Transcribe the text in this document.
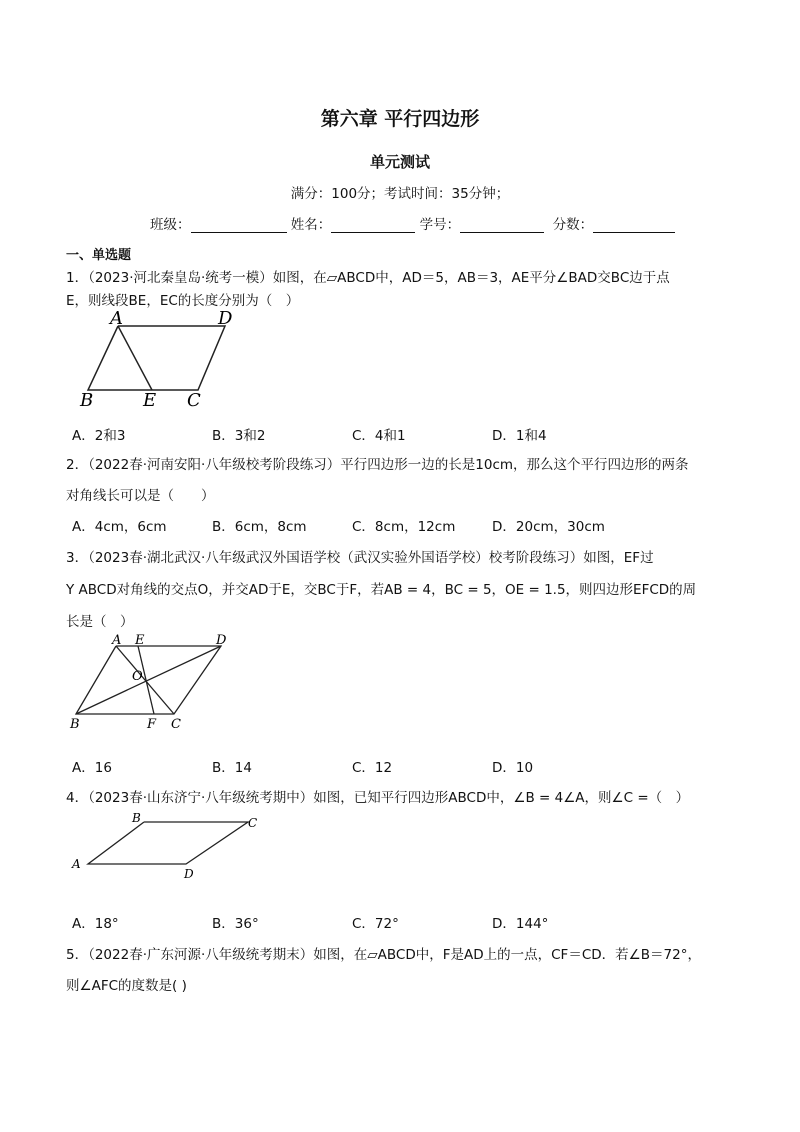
第六章 平行四边形
单元测试
满分：100分；考试时间：35分钟；
班级：	姓名：	学号：	分数：
一、单选题
1．（2023·河北秦皇岛·统考一模）如图，在▱ABCD中，AD＝5，AB＝3，AE平分∠BAD交BC边于点
E，则线段BE，EC的长度分别为（　）
A	D
B	E C
A．2和3	B．3和2	C．4和1	D．1和4
2．（2022春·河南安阳·八年级校考阶段练习）平行四边形一边的长是10cm，那么这个平行四边形的两条
对角线长可以是（　　）
A．4cm，6cm	B．6cm，8cm	C．8cm，12cm	D．20cm，30cm
3．（2023春·湖北武汉·八年级武汉外国语学校（武汉实验外国语学校）校考阶段练习）如图，EF过
Y ABCD对角线的交点O，并交AD于E，交BC于F，若AB = 4，BC = 5，OE = 1.5，则四边形EFCD的周
长是（　）
A E	D
O
B	F C
A．16	B．14	C．12	D．10
4．（2023春·山东济宁·八年级统考期中）如图，已知平行四边形ABCD中，∠B = 4∠A，则∠C =（　）
B	C
A
D
A．18°	B．36°	C．72°	D．144°
5．（2022春·广东河源·八年级统考期末）如图，在▱ABCD中，F是AD上的一点，CF＝CD．若∠B＝72°，
则∠AFC的度数是( )
